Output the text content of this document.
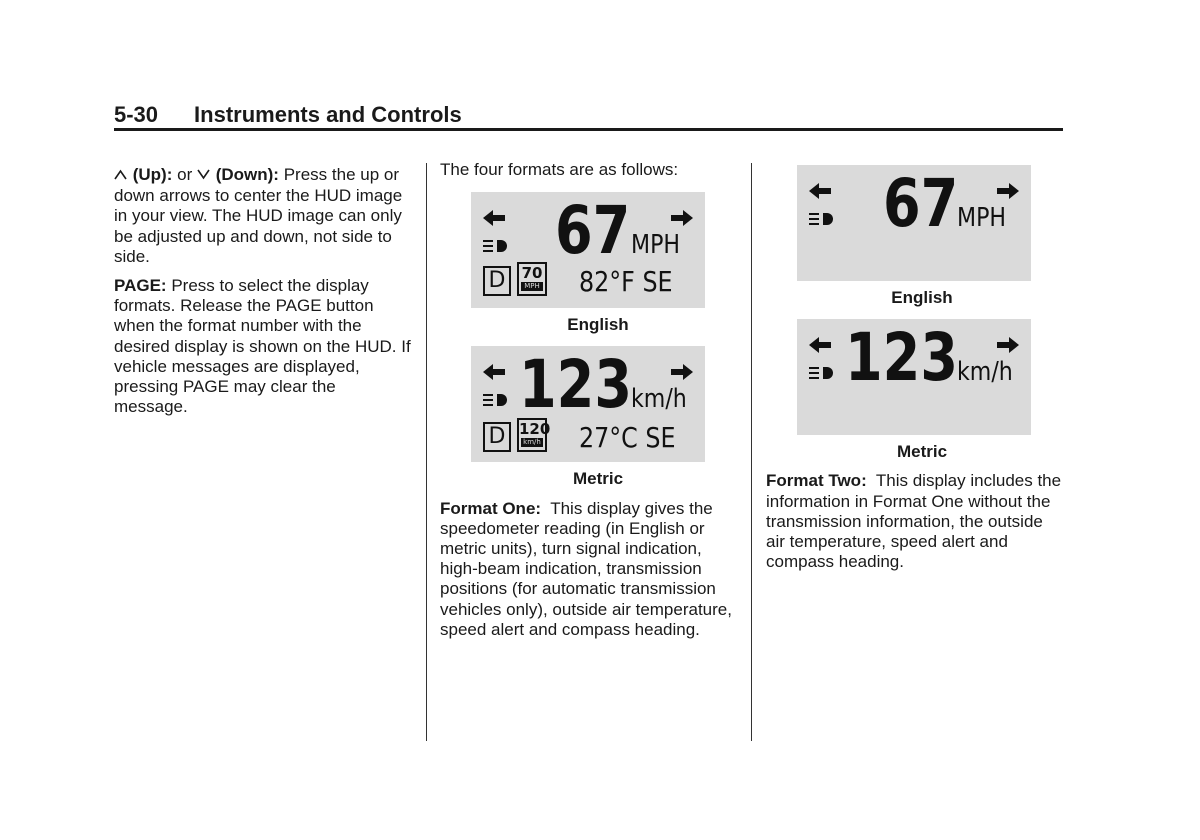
5-30 Instruments and Controls

(Up): or (Down): Press the up or down arrows to center the HUD image in your view. The HUD image can only be adjusted up and down, not side to side.

PAGE: Press to select the display formats. Release the PAGE button when the format number with the desired display is shown on the HUD. If vehicle messages are displayed, pressing PAGE may clear the message.

The four formats are as follows:

67 MPH
D	70
MPH 82°F SE
English
123 km/h
D 120
km/h 27°C SE
Metric

Format One: This display gives the speedometer reading (in English or metric units), turn signal indication, high-beam indication, transmission positions (for automatic transmission vehicles only), outside air temperature, speed alert and compass heading.

67
MPH
English
123 km/h
Metric

Format Two: This display includes the information in Format One without the transmission information, the outside air temperature, speed alert and compass heading.
